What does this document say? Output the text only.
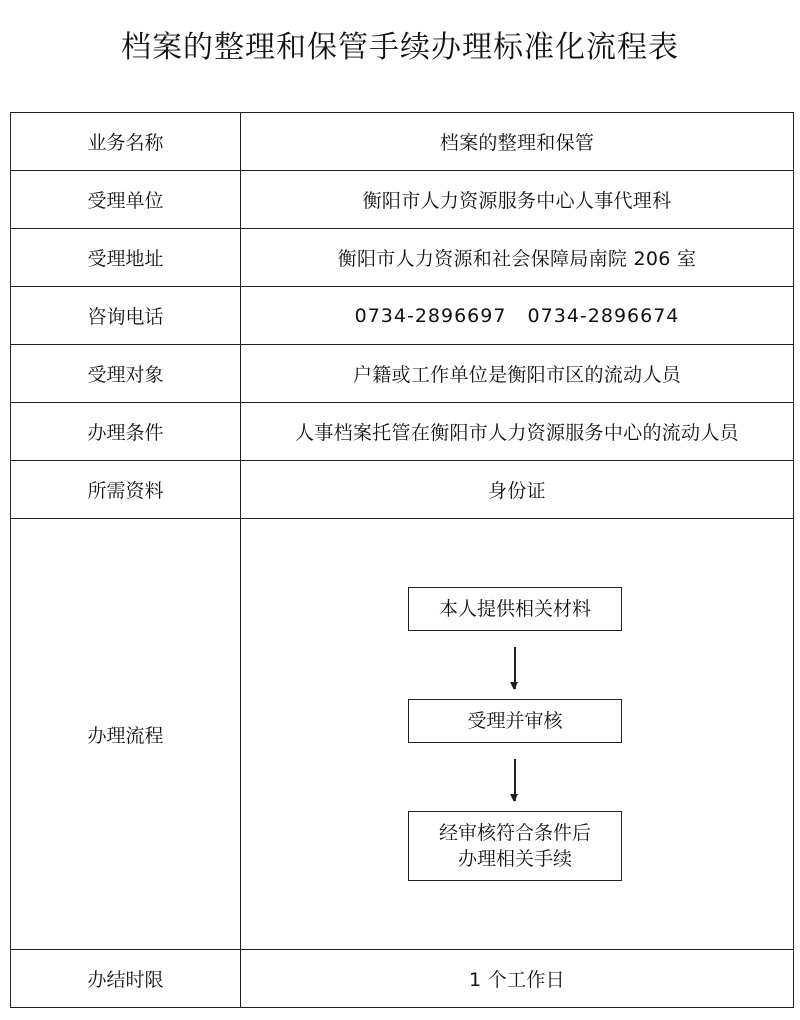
档案的整理和保管手续办理标准化流程表
业务名称	档案的整理和保管
受理单位	衡阳市人力资源服务中心人事代理科
受理地址	衡阳市人力资源和社会保障局南院 206 室
咨询电话	0734-2896697   0734-2896674
受理对象	户籍或工作单位是衡阳市区的流动人员
办理条件	人事档案托管在衡阳市人力资源服务中心的流动人员
所需资料	身份证
办理流程	本人提供相关材料
受理并审核
经审核符合条件后
办理相关手续

办结时限	1 个工作日
